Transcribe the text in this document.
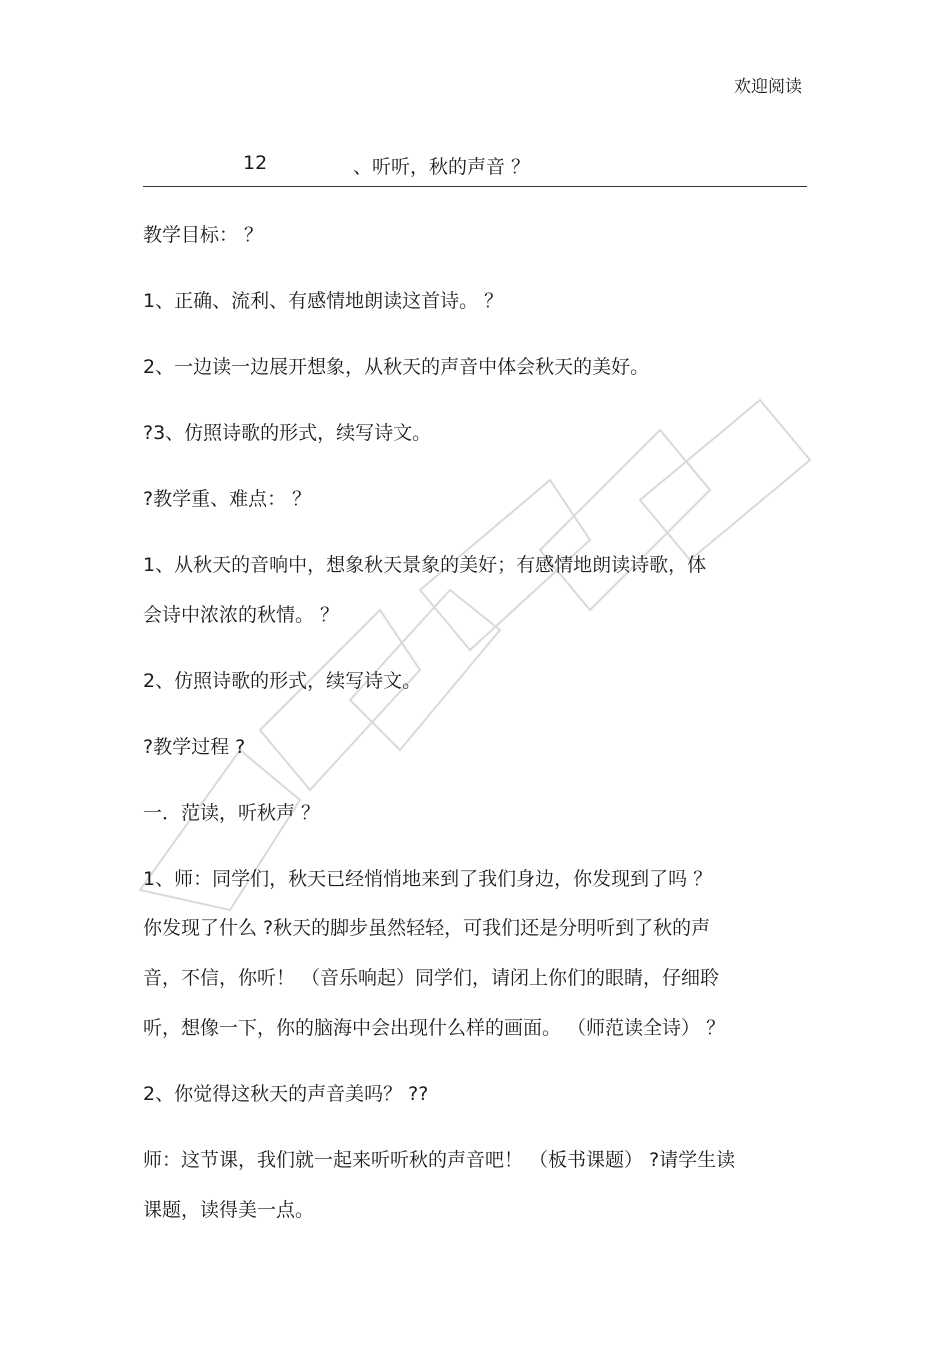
欢迎阅读
12	、听听，秋的声音 ？
教学目标： ？
1、正确、流利、有感情地朗读这首诗。 ？
2、一边读一边展开想象，从秋天的声音中体会秋天的美好。
?3、仿照诗歌的形式，续写诗文。
?教学重、难点： ？
1、从秋天的音响中，想象秋天景象的美好；有感情地朗读诗歌，体
会诗中浓浓的秋情。 ？
2、仿照诗歌的形式，续写诗文。
?教学过程 ?
一．范读，听秋声 ？
1、师：同学们，秋天已经悄悄地来到了我们身边，你发现到了吗 ？
你发现了什么 ?秋天的脚步虽然轻轻，可我们还是分明听到了秋的声
音，不信，你听！ （音乐响起）同学们，请闭上你们的眼睛，仔细聆
听，想像一下，你的脑海中会出现什么样的画面。 （师范读全诗） ？
2、你觉得这秋天的声音美吗？ ??
师：这节课，我们就一起来听听秋的声音吧！ （板书课题） ?请学生读
课题，读得美一点。
